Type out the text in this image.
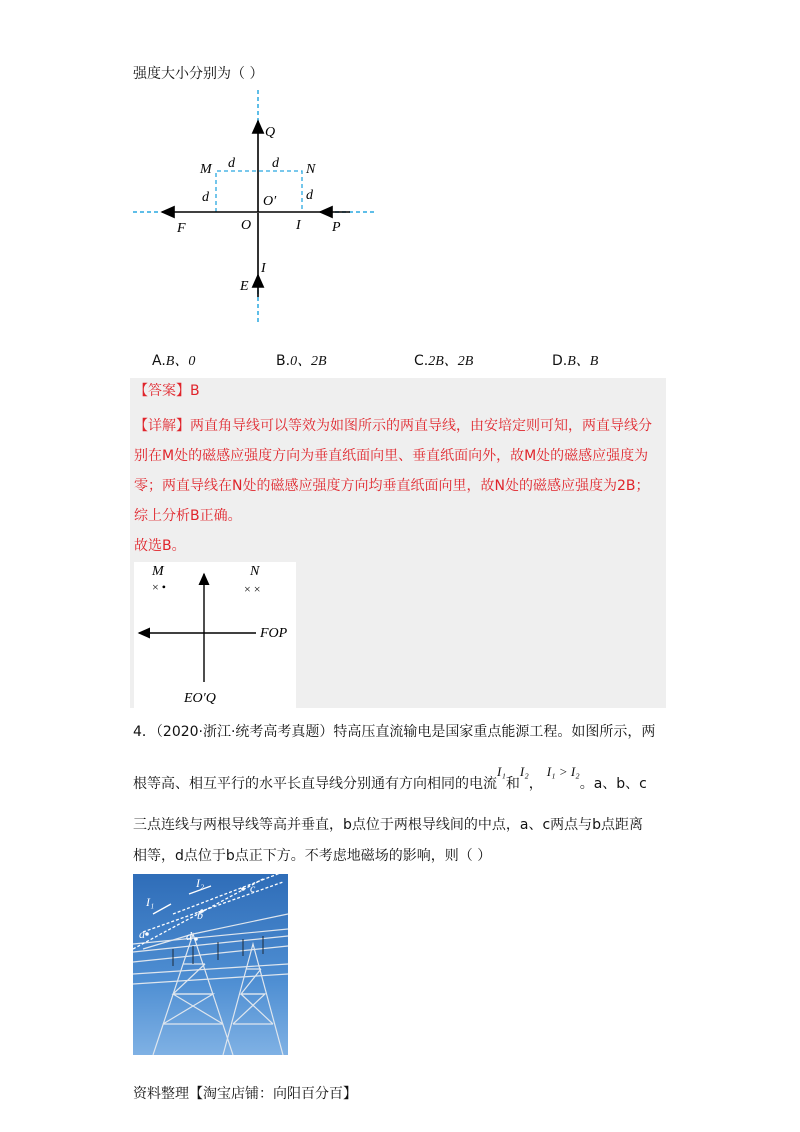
强度大小分别为（ ）
Q
M d	d N
d	d
O′
F	O	I P
I
E
A.B、0	B.0、2B	C.2B、2B	D.B、B
【答案】B
【详解】两直角导线可以等效为如图所示的两直导线，由安培定则可知，两直导线分
别在M处的磁感应强度方向为垂直纸面向里、垂直纸面向外，故M处的磁感应强度为
零；两直导线在N处的磁感应强度方向均垂直纸面向里，故N处的磁感应强度为2B；
综上分析B正确。
故选B。
M
× •
N
× ×
FOP
EO′Q
4．（2020·浙江·统考高考真题）特高压直流输电是国家重点能源工程。如图所示，两
根等高、相互平行的水平长直导线分别通有方向相同的电流I₁和I₂，I₁ > I₂。a、b、c
三点连线与两根导线等高并垂直，b点位于两根导线间的中点，a、c两点与b点距离
相等，d点位于b点正下方。不考虑地磁场的影响，则（ ）
I₂	c
I₁
b
a	d
资料整理【淘宝店铺：向阳百分百】
